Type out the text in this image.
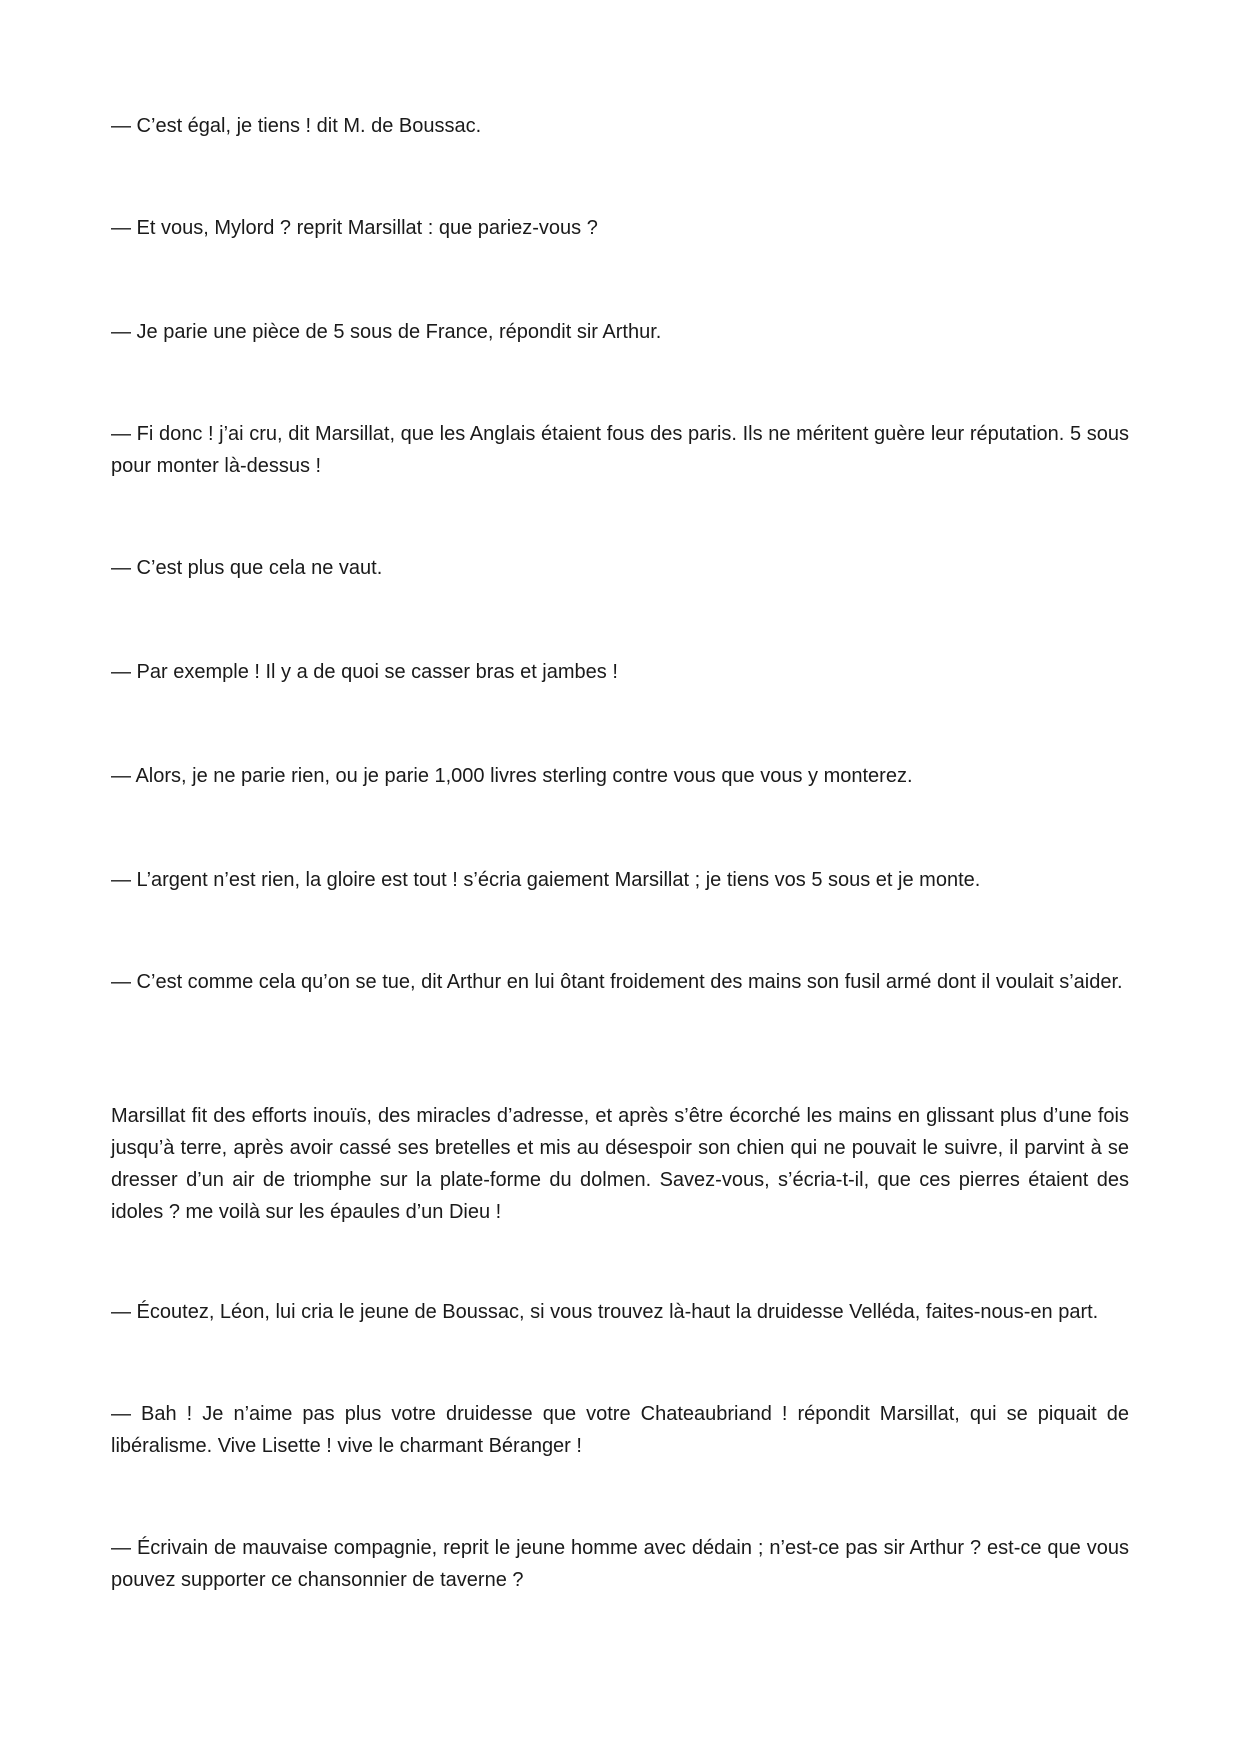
— C’est égal, je tiens ! dit M. de Boussac.

— Et vous, Mylord ? reprit Marsillat : que pariez-vous ?

— Je parie une pièce de 5 sous de France, répondit sir Arthur.

— Fi donc ! j’ai cru, dit Marsillat, que les Anglais étaient fous des paris. Ils ne méritent guère leur réputation. 5 sous pour monter là-dessus !

— C’est plus que cela ne vaut.

— Par exemple ! Il y a de quoi se casser bras et jambes !

— Alors, je ne parie rien, ou je parie 1,000 livres sterling contre vous que vous y monterez.

— L’argent n’est rien, la gloire est tout ! s’écria gaiement Marsillat ; je tiens vos 5 sous et je monte.

— C’est comme cela qu’on se tue, dit Arthur en lui ôtant froidement des mains son fusil armé dont il voulait s’aider.

Marsillat fit des efforts inouïs, des miracles d’adresse, et après s’être écorché les mains en glissant plus d’une fois jusqu’à terre, après avoir cassé ses bretelles et mis au désespoir son chien qui ne pouvait le suivre, il parvint à se dresser d’un air de triomphe sur la plate-forme du dolmen. Savez-vous, s’écria-t-il, que ces pierres étaient des idoles ? me voilà sur les épaules d’un Dieu !

— Écoutez, Léon, lui cria le jeune de Boussac, si vous trouvez là-haut la druidesse Velléda, faites-nous-en part.

— Bah ! Je n’aime pas plus votre druidesse que votre Chateaubriand ! répondit Marsillat, qui se piquait de libéralisme. Vive Lisette ! vive le charmant Béranger !

— Écrivain de mauvaise compagnie, reprit le jeune homme avec dédain ; n’est-ce pas sir Arthur ? est-ce que vous pouvez supporter ce chansonnier de taverne ?
